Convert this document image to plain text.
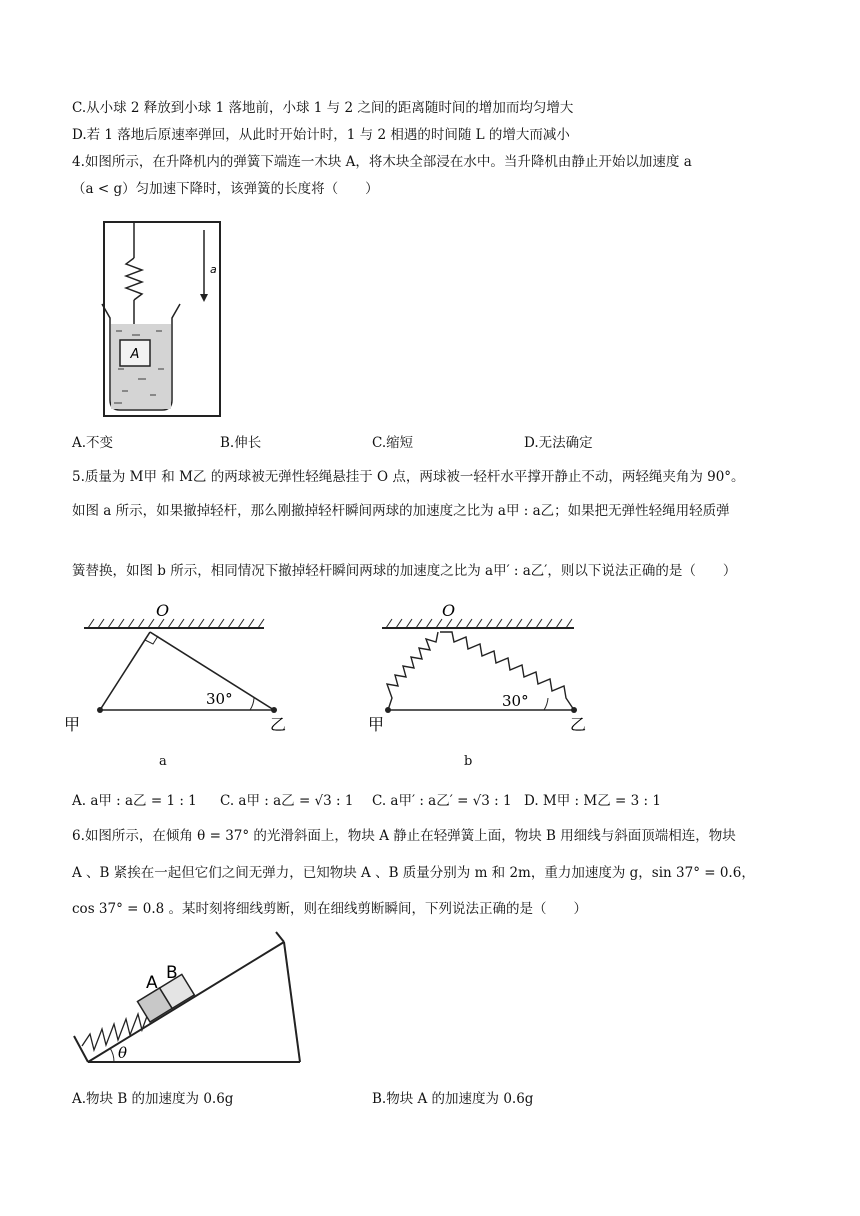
C.从小球 2 释放到小球 1 落地前，小球 1 与 2 之间的距离随时间的增加而均匀增大
D.若 1 落地后原速率弹回，从此时开始计时，1 与 2 相遇的时间随 L 的增大而减小
4.如图所示，在升降机内的弹簧下端连一木块 A，将木块全部浸在水中。当升降机由静止开始以加速度 a
（a < g）匀加速下降时，该弹簧的长度将（　　）
A
a
A.不变	B.伸长	C.缩短	D.无法确定
5.质量为 M甲 和 M乙 的两球被无弹性轻绳悬挂于 O 点，两球被一轻杆水平撑开静止不动，两轻绳夹角为 90°。
如图 a 所示，如果撤掉轻杆，那么刚撤掉轻杆瞬间两球的加速度之比为 a甲 : a乙；如果把无弹性轻绳用轻质弹
簧替换，如图 b 所示，相同情况下撤掉轻杆瞬间两球的加速度之比为 a甲′ : a乙′，则以下说法正确的是（　　）
O
30°
甲	乙
a
O
30°
甲	乙
b
A. a甲 : a乙 = 1 : 1 C. a甲 : a乙 = √3 : 1 C. a甲′ : a乙′ = √3 : 1 D. M甲 : M乙 = 3 : 1
6.如图所示，在倾角 θ = 37° 的光滑斜面上，物块 A 静止在轻弹簧上面，物块 B 用细线与斜面顶端相连，物块
A 、B 紧挨在一起但它们之间无弹力，已知物块 A 、B 质量分别为 m 和 2m，重力加速度为 g，sin 37° = 0.6，
cos 37° = 0.8 。某时刻将细线剪断，则在细线剪断瞬间，下列说法正确的是（　　）
A B
θ
A.物块 B 的加速度为 0.6g	B.物块 A 的加速度为 0.6g
